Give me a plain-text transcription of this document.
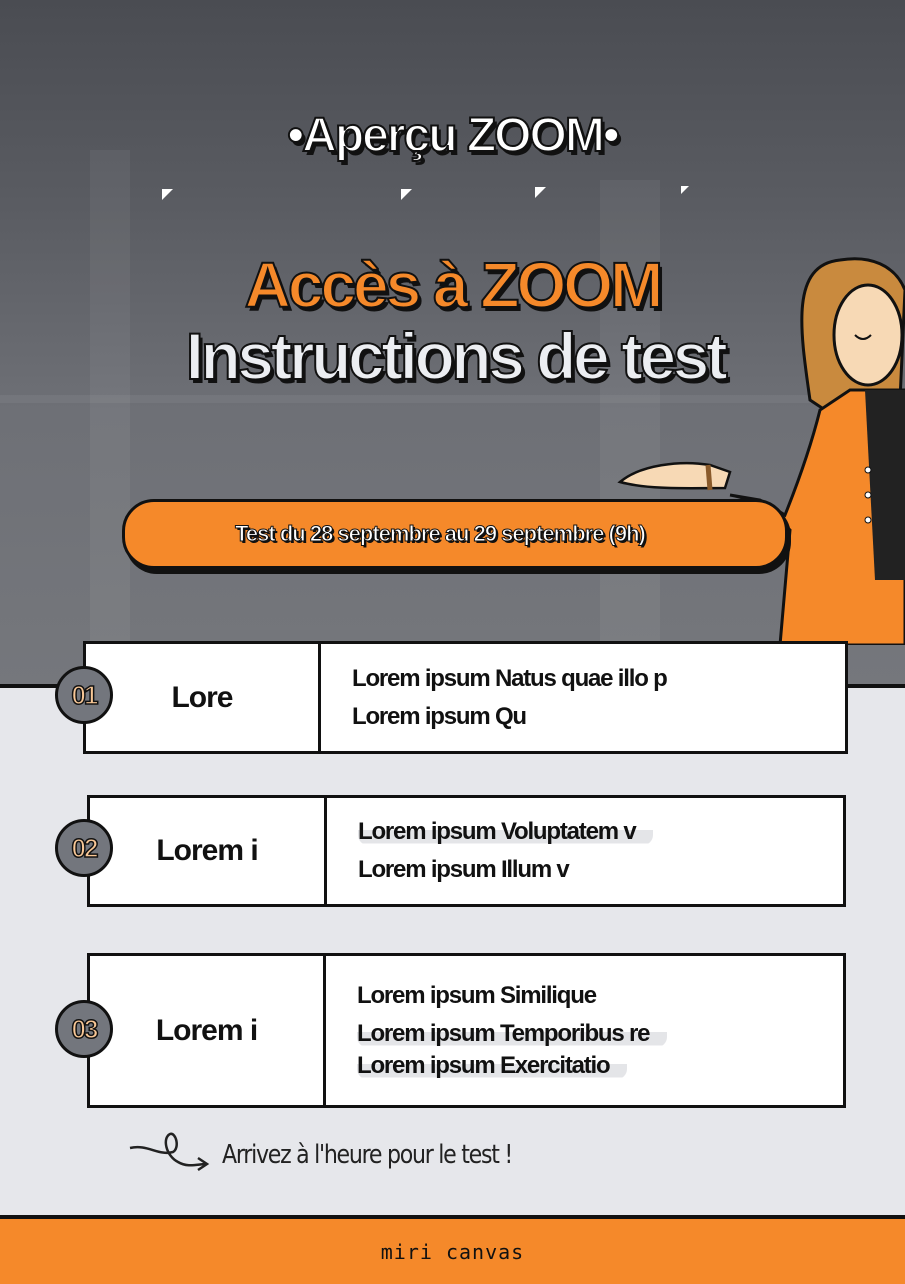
•Aperçu ZOOM•
Accès à ZOOM
Instructions de test
Test du 28 septembre au 29 septembre (9h)
Lore
Lorem ipsum Natus quae illo p
Lorem ipsum Qu
01
Lorem i
Lorem ipsum Voluptatem v
Lorem ipsum Illum v
02
Lorem i
Lorem ipsum Similique
Lorem ipsum Temporibus re
Lorem ipsum Exercitatio
03
Arrivez à l'heure pour le test !
miri canvas
